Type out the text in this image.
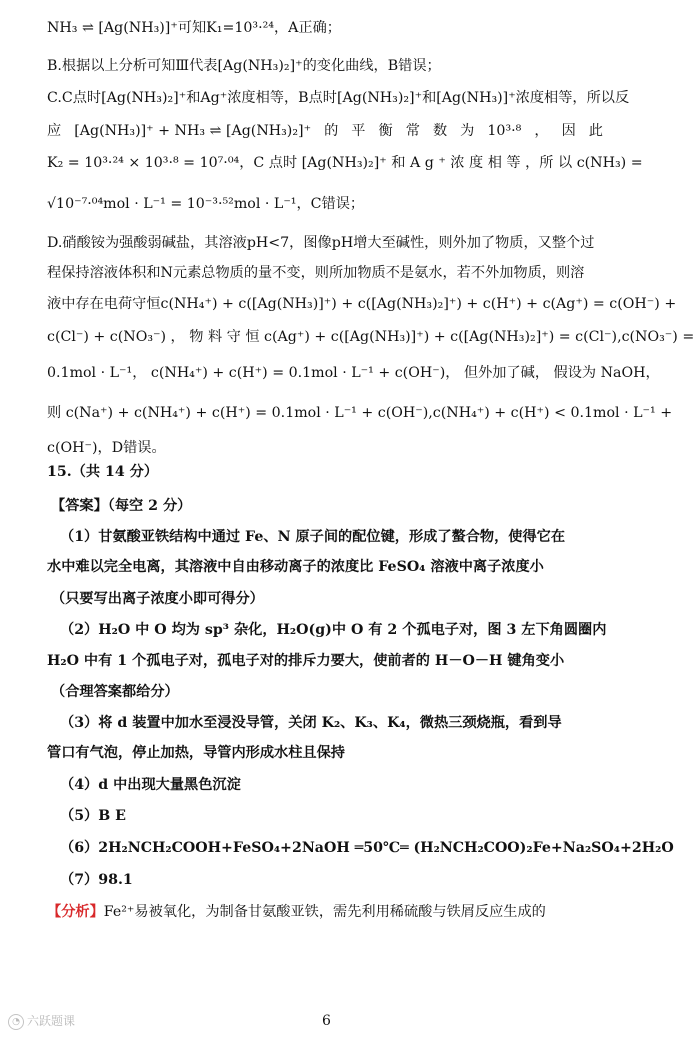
NH₃ ⇌ [Ag(NH₃)]⁺可知K₁=10³·²⁴，A正确；
B.根据以上分析可知Ⅲ代表[Ag(NH₃)₂]⁺的变化曲线，B错误；
C.C点时[Ag(NH₃)₂]⁺和Ag⁺浓度相等，B点时[Ag(NH₃)₂]⁺和[Ag(NH₃)]⁺浓度相等，所以反
应 [Ag(NH₃)]⁺ + NH₃ ⇌ [Ag(NH₃)₂]⁺ 的 平 衡 常 数 为 10³·⁸ ， 因 此
K₂ = 10³·²⁴ × 10³·⁸ = 10⁷·⁰⁴， C 点时 [Ag(NH₃)₂]⁺ 和 A g ⁺ 浓 度 相 等 ， 所 以 c(NH₃) =
√10⁻⁷·⁰⁴mol · L⁻¹ = 10⁻³·⁵²mol · L⁻¹，C错误；
D.硝酸铵为强酸弱碱盐，其溶液pH<7，图像pH增大至碱性，则外加了物质，又整个过
程保持溶液体积和N元素总物质的量不变，则所加物质不是氨水，若不外加物质，则溶
液中存在电荷守恒c(NH₄⁺) + c([Ag(NH₃)]⁺) + c([Ag(NH₃)₂]⁺) + c(H⁺) + c(Ag⁺) = c(OH⁻) +
c(Cl⁻) + c(NO₃⁻) ， 物 料 守 恒 c(Ag⁺) + c([Ag(NH₃)]⁺) + c([Ag(NH₃)₂]⁺) = c(Cl⁻),c(NO₃⁻) =
0.1mol · L⁻¹， c(NH₄⁺) + c(H⁺) = 0.1mol · L⁻¹ + c(OH⁻)， 但外加了碱， 假设为 NaOH，
则 c(Na⁺) + c(NH₄⁺) + c(H⁺) = 0.1mol · L⁻¹ + c(OH⁻),c(NH₄⁺) + c(H⁺) < 0.1mol · L⁻¹ +
c(OH⁻)，D错误。
15.（共 14 分）
【答案】（每空 2 分）
（1）甘氨酸亚铁结构中通过 Fe、N 原子间的配位键，形成了螯合物，使得它在
水中难以完全电离，其溶液中自由移动离子的浓度比 FeSO₄ 溶液中离子浓度小
（只要写出离子浓度小即可得分）
（2）H₂O 中 O 均为 sp³ 杂化，H₂O(g)中 O 有 2 个孤电子对，图 3 左下角圆圈内
H₂O 中有 1 个孤电子对，孤电子对的排斥力要大，使前者的 H－O－H 键角变小
（合理答案都给分）
（3）将 d 装置中加水至浸没导管，关闭 K₂、K₃、K₄，微热三颈烧瓶，看到导
管口有气泡，停止加热，导管内形成水柱且保持
（4）d 中出现大量黑色沉淀
（5）B E
（6）2H₂NCH₂COOH+FeSO₄+2NaOH ═50℃═ (H₂NCH₂COO)₂Fe+Na₂SO₄+2H₂O
（7）98.1
【分析】Fe²⁺易被氧化，为制备甘氨酸亚铁，需先利用稀硫酸与铁屑反应生成的
◔ 六跃题课	6
